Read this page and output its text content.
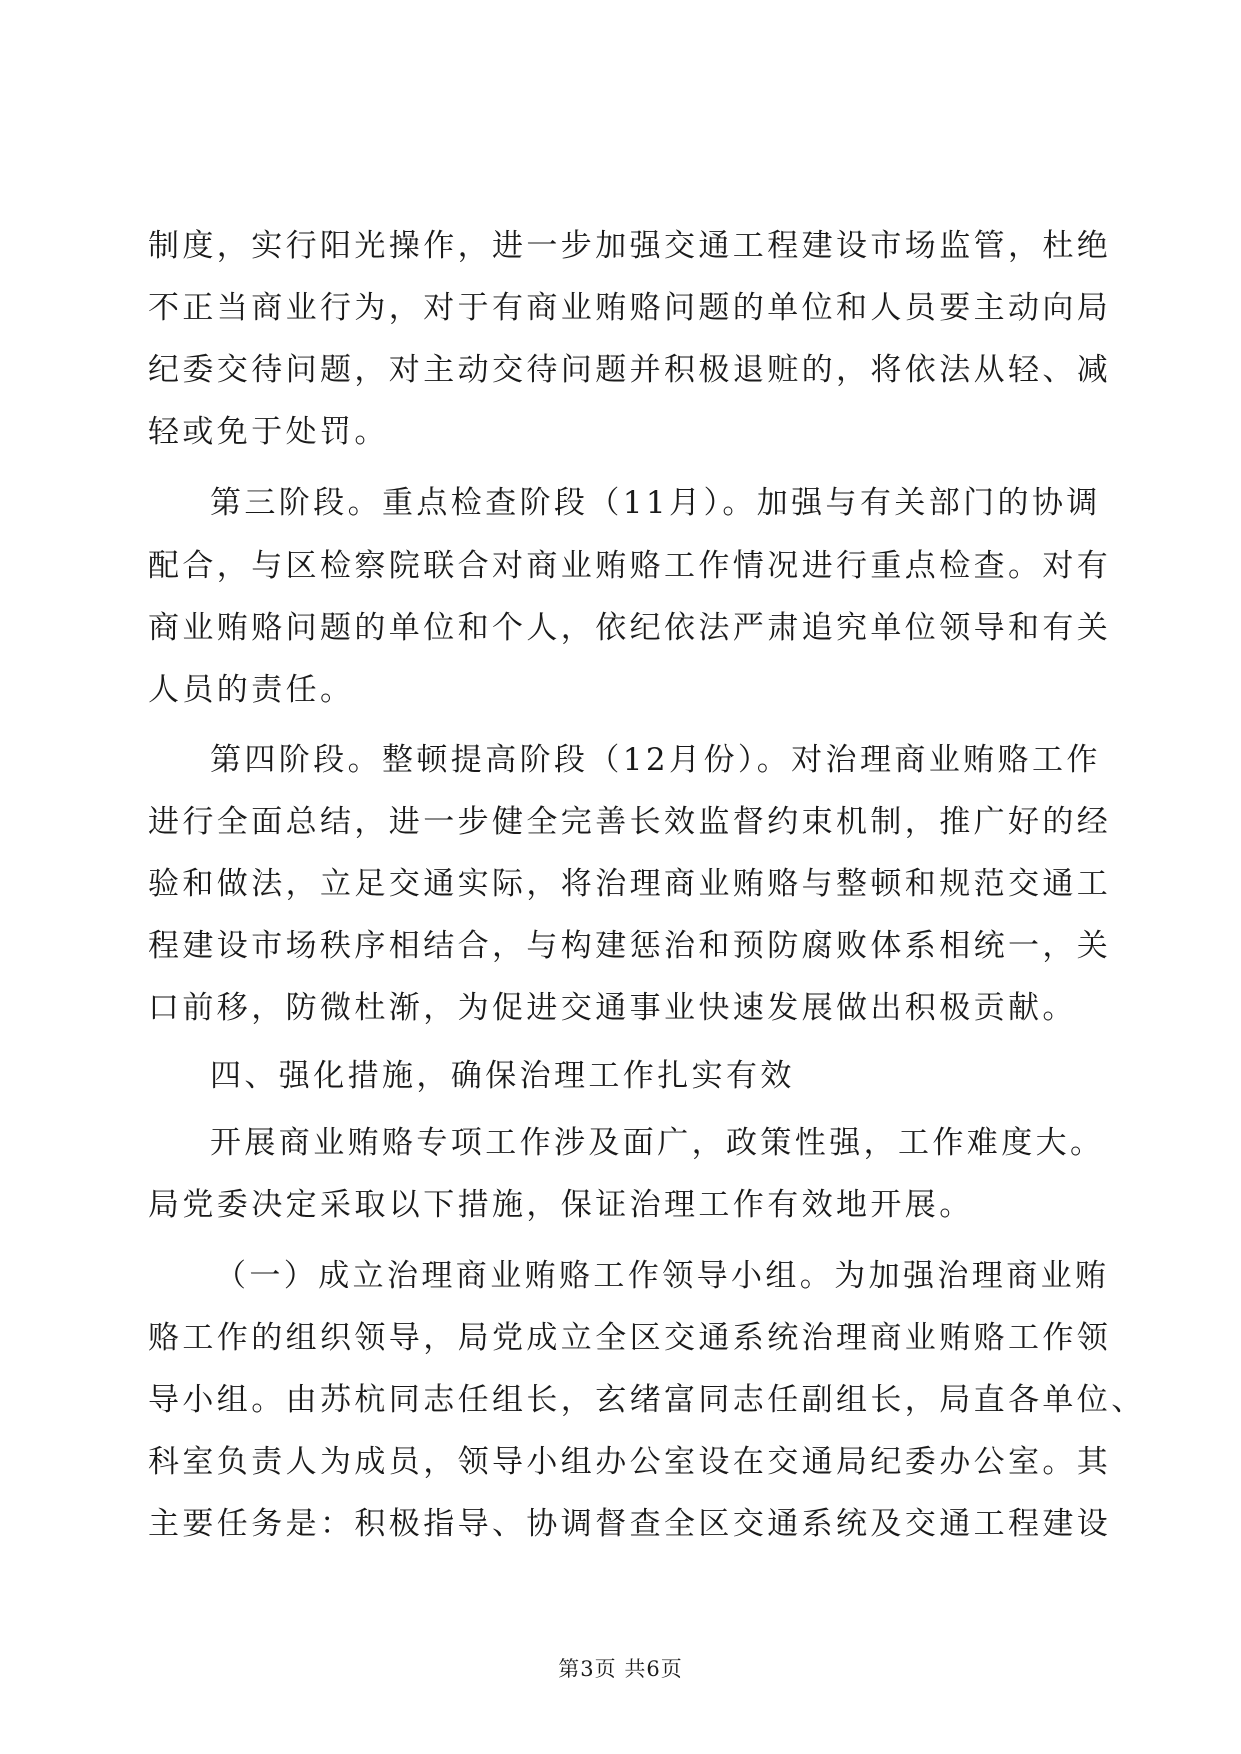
制度，实行阳光操作，进一步加强交通工程建设市场监管，杜绝
不正当商业行为，对于有商业贿赂问题的单位和人员要主动向局
纪委交待问题，对主动交待问题并积极退赃的，将依法从轻、减
轻或免于处罚。
第三阶段。重点检查阶段（11月）。加强与有关部门的协调
配合，与区检察院联合对商业贿赂工作情况进行重点检查。对有
商业贿赂问题的单位和个人，依纪依法严肃追究单位领导和有关
人员的责任。
第四阶段。整顿提高阶段（12月份）。对治理商业贿赂工作
进行全面总结，进一步健全完善长效监督约束机制，推广好的经
验和做法，立足交通实际，将治理商业贿赂与整顿和规范交通工
程建设市场秩序相结合，与构建惩治和预防腐败体系相统一，关
口前移，防微杜渐，为促进交通事业快速发展做出积极贡献。
四、强化措施，确保治理工作扎实有效
开展商业贿赂专项工作涉及面广，政策性强，工作难度大。
局党委决定采取以下措施，保证治理工作有效地开展。
（一）成立治理商业贿赂工作领导小组。为加强治理商业贿
赂工作的组织领导，局党成立全区交通系统治理商业贿赂工作领
导小组。由苏杭同志任组长，玄绪富同志任副组长，局直各单位、
科室负责人为成员，领导小组办公室设在交通局纪委办公室。其
主要任务是：积极指导、协调督查全区交通系统及交通工程建设
第3页 共6页
